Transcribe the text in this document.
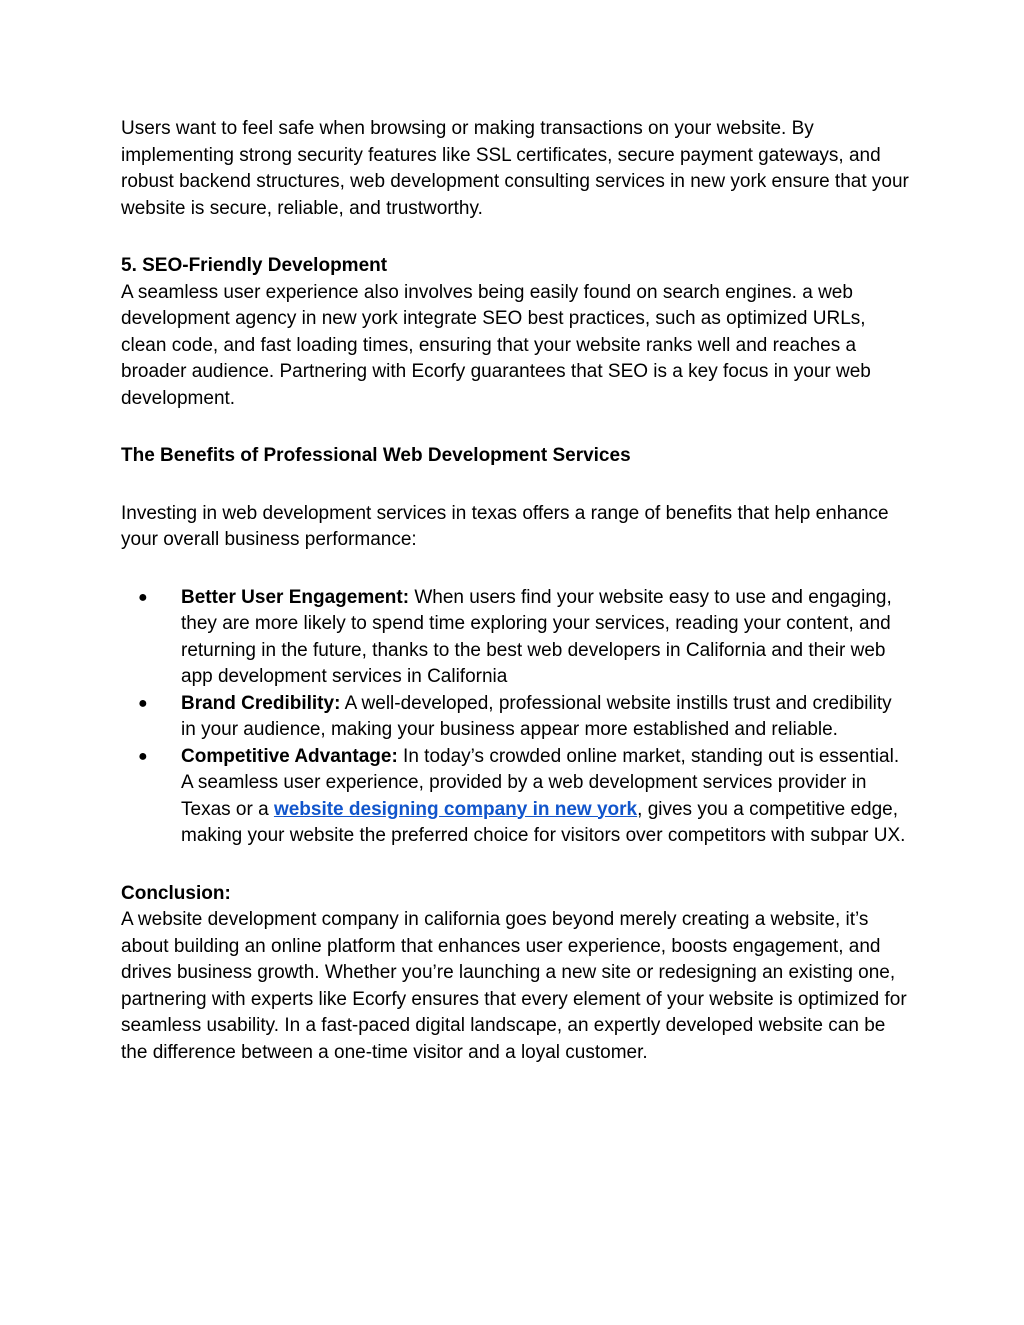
Users want to feel safe when browsing or making transactions on your website. By implementing strong security features like SSL certificates, secure payment gateways, and robust backend structures, web development consulting services in new york ensure that your website is secure, reliable, and trustworthy.

5. SEO-Friendly Development

A seamless user experience also involves being easily found on search engines. a web development agency in new york integrate SEO best practices, such as optimized URLs, clean code, and fast loading times, ensuring that your website ranks well and reaches a broader audience. Partnering with Ecorfy guarantees that SEO is a key focus in your web development.

The Benefits of Professional Web Development Services

Investing in web development services in texas offers a range of benefits that help enhance your overall business performance:

● Better User Engagement: When users find your website easy to use and engaging, they are more likely to spend time exploring your services, reading your content, and returning in the future, thanks to the best web developers in California and their web app development services in California
● Brand Credibility: A well-developed, professional website instills trust and credibility in your audience, making your business appear more established and reliable.
● Competitive Advantage: In today’s crowded online market, standing out is essential. A seamless user experience, provided by a web development services provider in Texas or a website designing company in new york, gives you a competitive edge, making your website the preferred choice for visitors over competitors with subpar UX.

Conclusion:

A website development company in california goes beyond merely creating a website, it’s about building an online platform that enhances user experience, boosts engagement, and drives business growth. Whether you’re launching a new site or redesigning an existing one, partnering with experts like Ecorfy ensures that every element of your website is optimized for seamless usability. In a fast-paced digital landscape, an expertly developed website can be the difference between a one-time visitor and a loyal customer.
